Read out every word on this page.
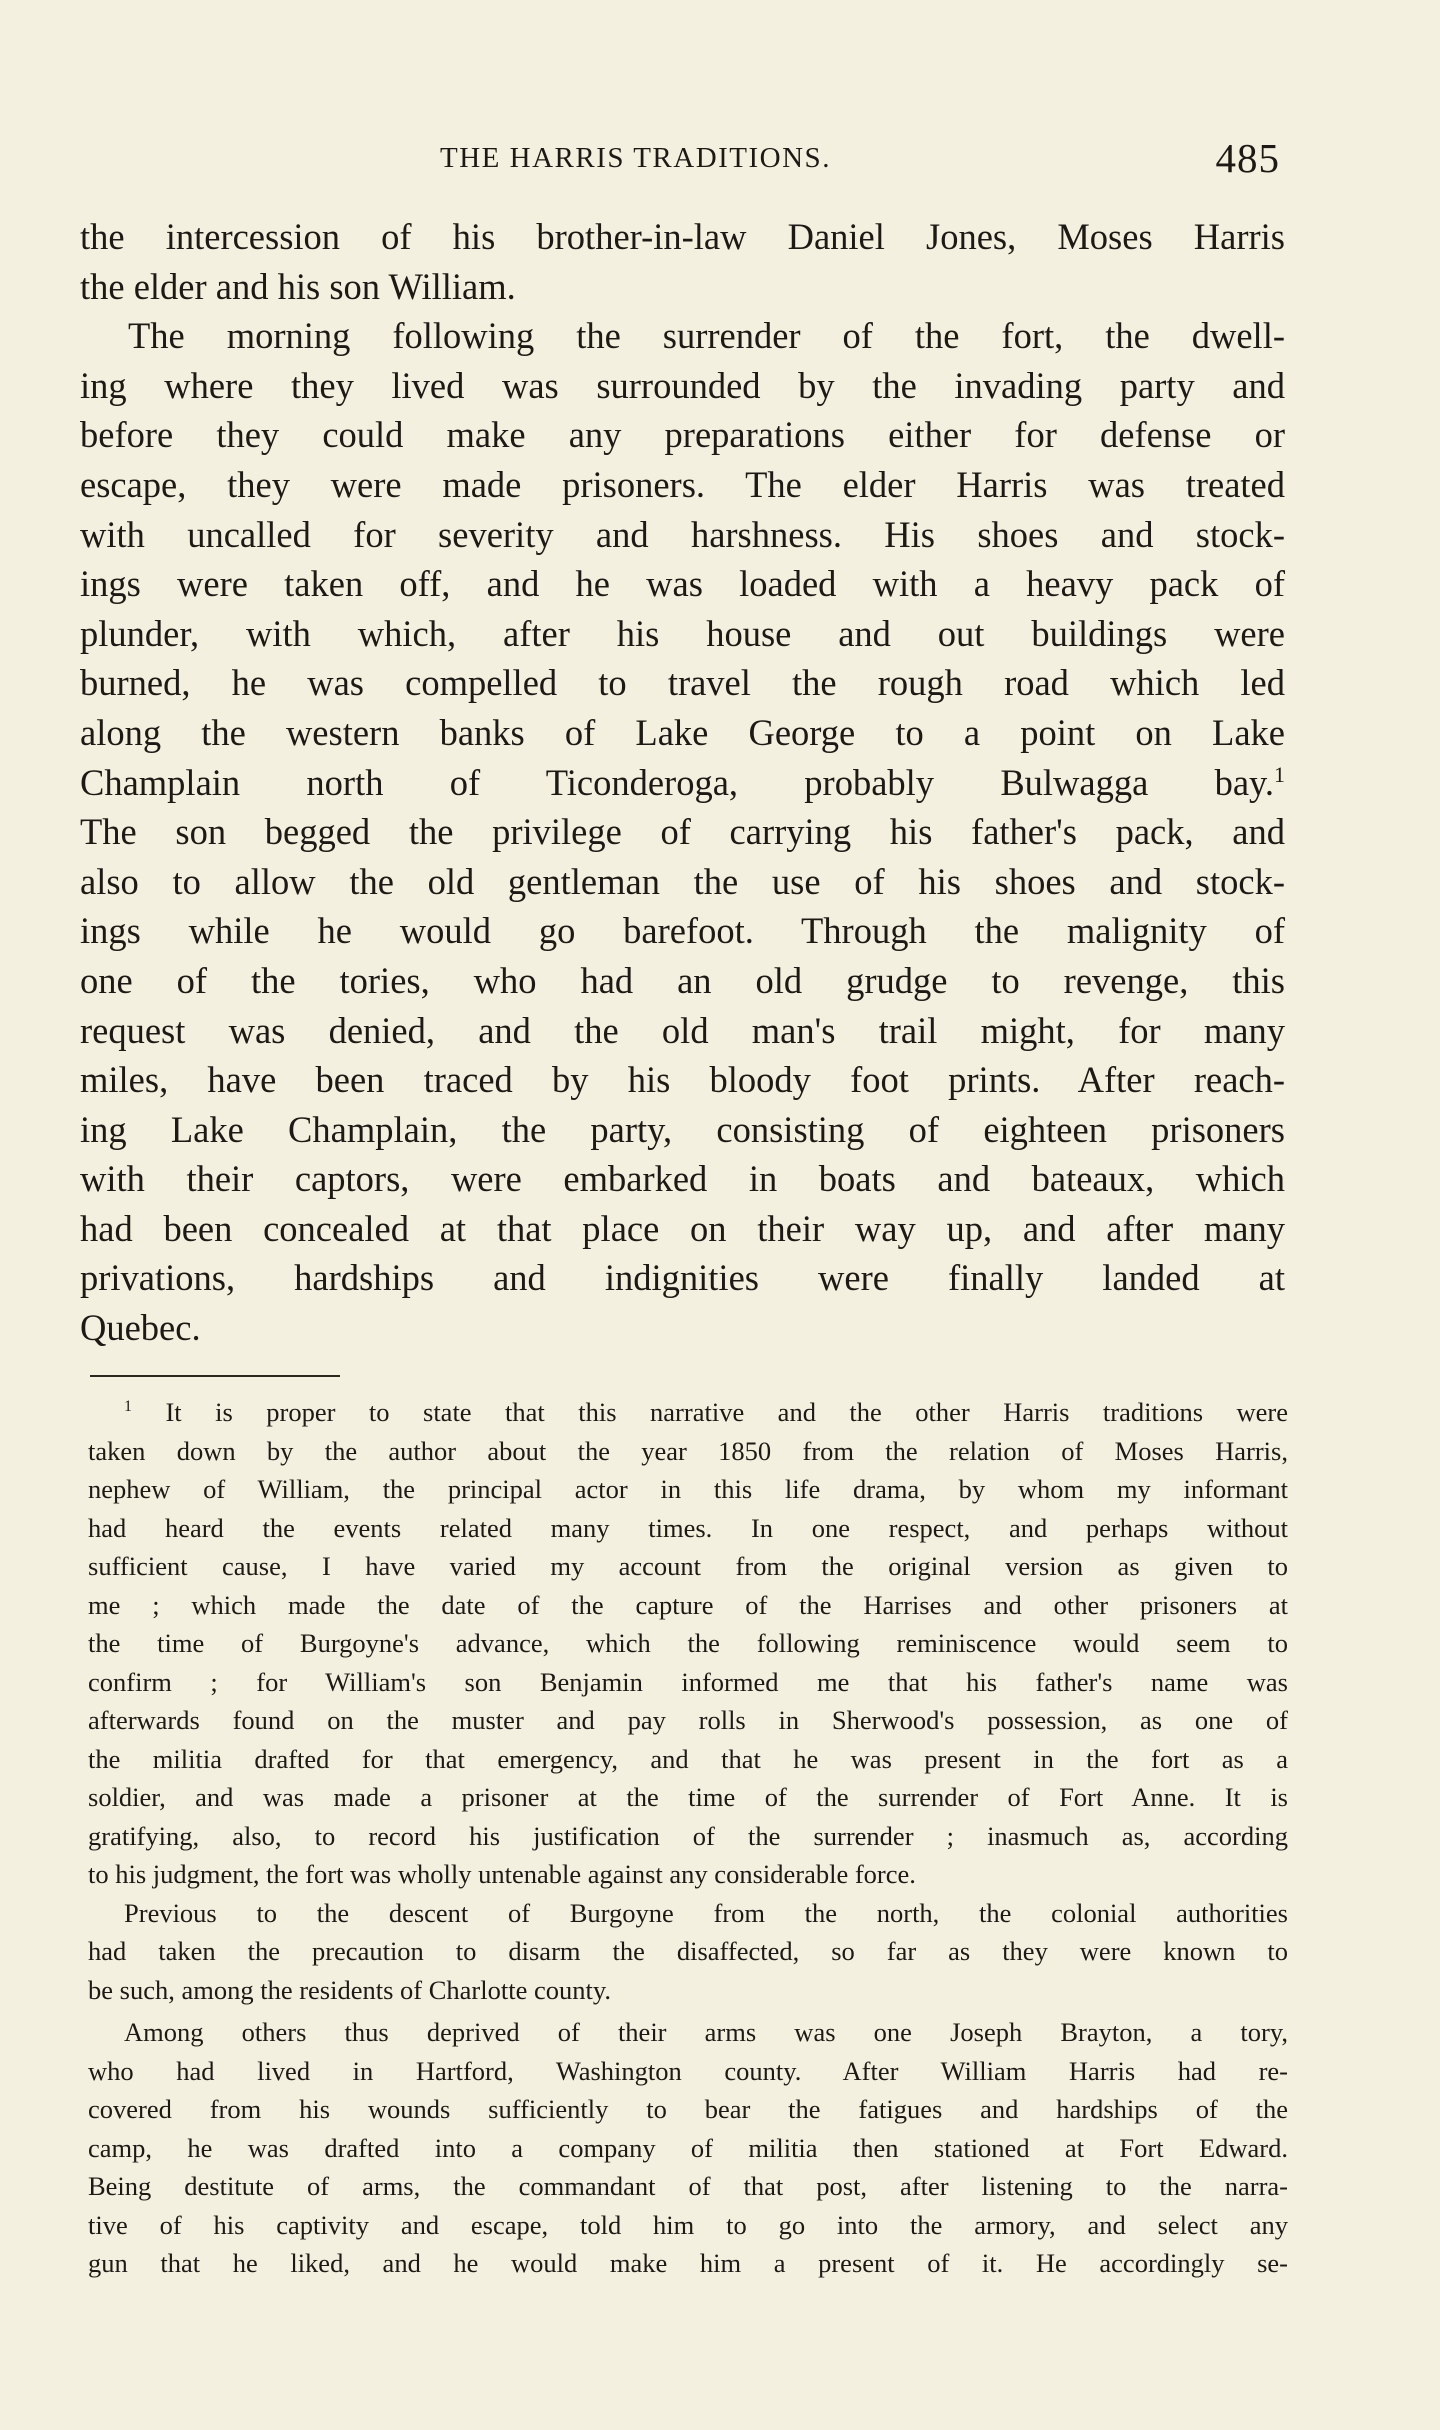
THE HARRIS TRADITIONS.	485
the intercession of his brother-in-law Daniel Jones, Moses Harris
the elder and his son William.
The morning following the surrender of the fort, the dwell-
ing where they lived was surrounded by the invading party and
before they could make any preparations either for defense or
escape, they were made prisoners. The elder Harris was treated
with uncalled for severity and harshness. His shoes and stock-
ings were taken off, and he was loaded with a heavy pack of
plunder, with which, after his house and out buildings were
burned, he was compelled to travel the rough road which led
along the western banks of Lake George to a point on Lake
Champlain north of Ticonderoga, probably Bulwagga bay.$^1$
The son begged the privilege of carrying his father's pack, and
also to allow the old gentleman the use of his shoes and stock-
ings while he would go barefoot. Through the malignity of
one of the tories, who had an old grudge to revenge, this
request was denied, and the old man's trail might, for many
miles, have been traced by his bloody foot prints. After reach-
ing Lake Champlain, the party, consisting of eighteen prisoners
with their captors, were embarked in boats and bateaux, which
had been concealed at that place on their way up, and after many
privations, hardships and indignities were finally landed at
Quebec.
$^1$ It is proper to state that this narrative and the other Harris traditions were
taken down by the author about the year 1850 from the relation of Moses Harris,
nephew of William, the principal actor in this life drama, by whom my informant
had heard the events related many times. In one respect, and perhaps without
sufficient cause, I have varied my account from the original version as given to
me ; which made the date of the capture of the Harrises and other prisoners at
the time of Burgoyne's advance, which the following reminiscence would seem to
confirm ; for William's son Benjamin informed me that his father's name was
afterwards found on the muster and pay rolls in Sherwood's possession, as one of
the militia drafted for that emergency, and that he was present in the fort as a
soldier, and was made a prisoner at the time of the surrender of Fort Anne. It is
gratifying, also, to record his justification of the surrender ; inasmuch as, according
to his judgment, the fort was wholly untenable against any considerable force.
Previous to the descent of Burgoyne from the north, the colonial authorities
had taken the precaution to disarm the disaffected, so far as they were known to
be such, among the residents of Charlotte county.
Among others thus deprived of their arms was one Joseph Brayton, a tory,
who had lived in Hartford, Washington county. After William Harris had re-
covered from his wounds sufficiently to bear the fatigues and hardships of the
camp, he was drafted into a company of militia then stationed at Fort Edward.
Being destitute of arms, the commandant of that post, after listening to the narra-
tive of his captivity and escape, told him to go into the armory, and select any
gun that he liked, and he would make him a present of it. He accordingly se-
